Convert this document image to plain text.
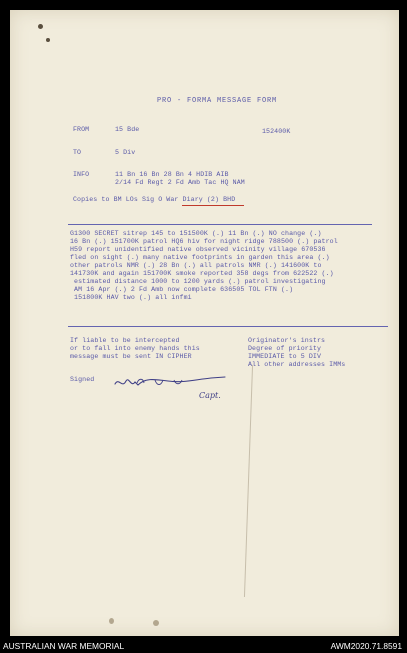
PRO - FORMA MESSAGE FORM
FROM	15 Bde	152400K
TO	5 Div
INFO	11 Bn 16 Bn 28 Bn 4 HDIB AIB
2/14 Fd Regt 2 Fd Amb Tac HQ NAM
Copies to BM LOs Sig O War Diary (2) BHD
G1300 SECRET sitrep 145 to 151500K (.) 11 Bn (.) NO change (.)
16 Bn (.) 151700K patrol HQ6 hiv for night ridge 788500 (.) patrol
H59 report unidentified native observed vicinity village 670536
fled on sight (.) many native footprints in garden this area (.)
other patrols NMR (.) 28 Bn (.) all patrols NMR (.) 141600K to
141730K and again 151700K smoke reported 358 degs from 622522 (.)
estimated distance 1000 to 1200 yards (.) patrol investigating
AM 16 Apr (.) 2 Fd Amb now complete 636505 TOL FTN (.)
151800K HAV two (.) all infmi
If liable to be intercepted
or to fall into enemy hands this
message must be sent IN CIPHER
Originator's instrs
Degree of priority
IMMEDIATE to 5 DIV
All other addresses IMMs
Signed
Capt.
AUSTRALIAN WAR MEMORIAL	AWM2020.71.8591
